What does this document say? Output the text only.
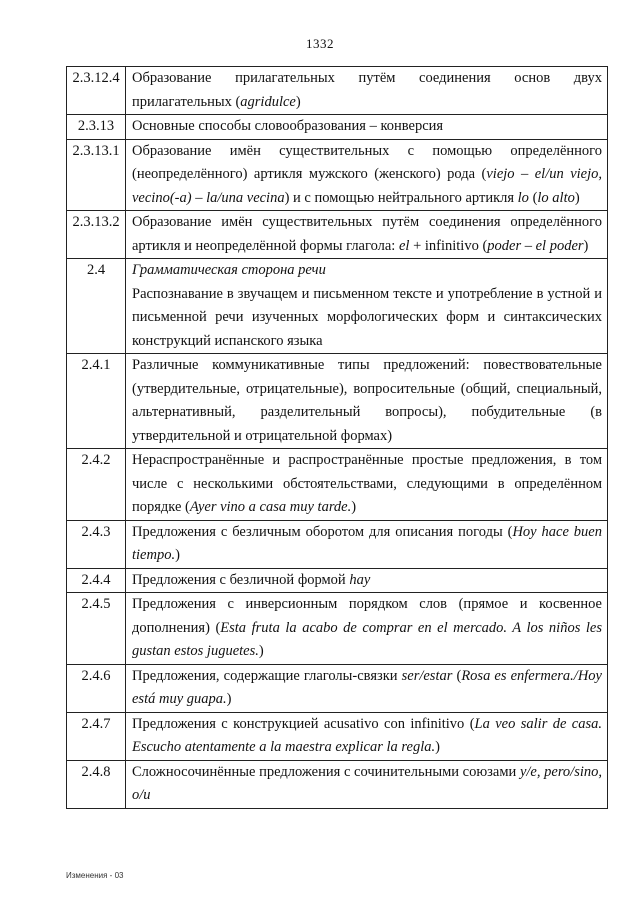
1332
2.3.12.4	Образование прилагательных путём соединения основ двух прилагательных (agridulce)

2.3.13	Основные способы словообразования – конверсия

2.3.13.1	Образование имён существительных с помощью определённого (неопределённого) артикля мужского (женского) рода (viejo – el/un viejo, vecino(-a) – la/una vecina) и с помощью нейтрального артикля lo (lo alto)

2.3.13.2	Образование имён существительных путём соединения определённого артикля и неопределённой формы глагола: el + infinitivo (poder – el poder)

2.4	Грамматическая сторона речи

Распознавание в звучащем и письменном тексте и употребление в устной и письменной речи изученных морфологических форм и синтаксических конструкций испанского языка

2.4.1	Различные коммуникативные типы предложений: повествовательные (утвердительные, отрицательные), вопросительные (общий, специальный, альтернативный, разделительный вопросы), побудительные (в утвердительной и отрицательной формах)

2.4.2	Нераспространённые и распространённые простые предложения, в том числе с несколькими обстоятельствами, следующими в определённом порядке (Ayer vino a casa muy tarde.)

2.4.3	Предложения с безличным оборотом для описания погоды (Hoy hace buen tiempo.)

2.4.4	Предложения с безличной формой hay

2.4.5	Предложения с инверсионным порядком слов (прямое и косвенное дополнения) (Esta fruta la acabo de comprar en el mercado. A los niños les gustan estos juguetes.)

2.4.6	Предложения, содержащие глаголы-связки ser/estar (Rosa es enfermera./Hoy está muy guapa.)

2.4.7	Предложения с конструкцией acusativo con infinitivo (La veo salir de casa. Escucho atentamente a la maestra explicar la regla.)

2.4.8	Сложносочинённые предложения с сочинительными союзами y/e, pero/sino, o/u

Изменения - 03
